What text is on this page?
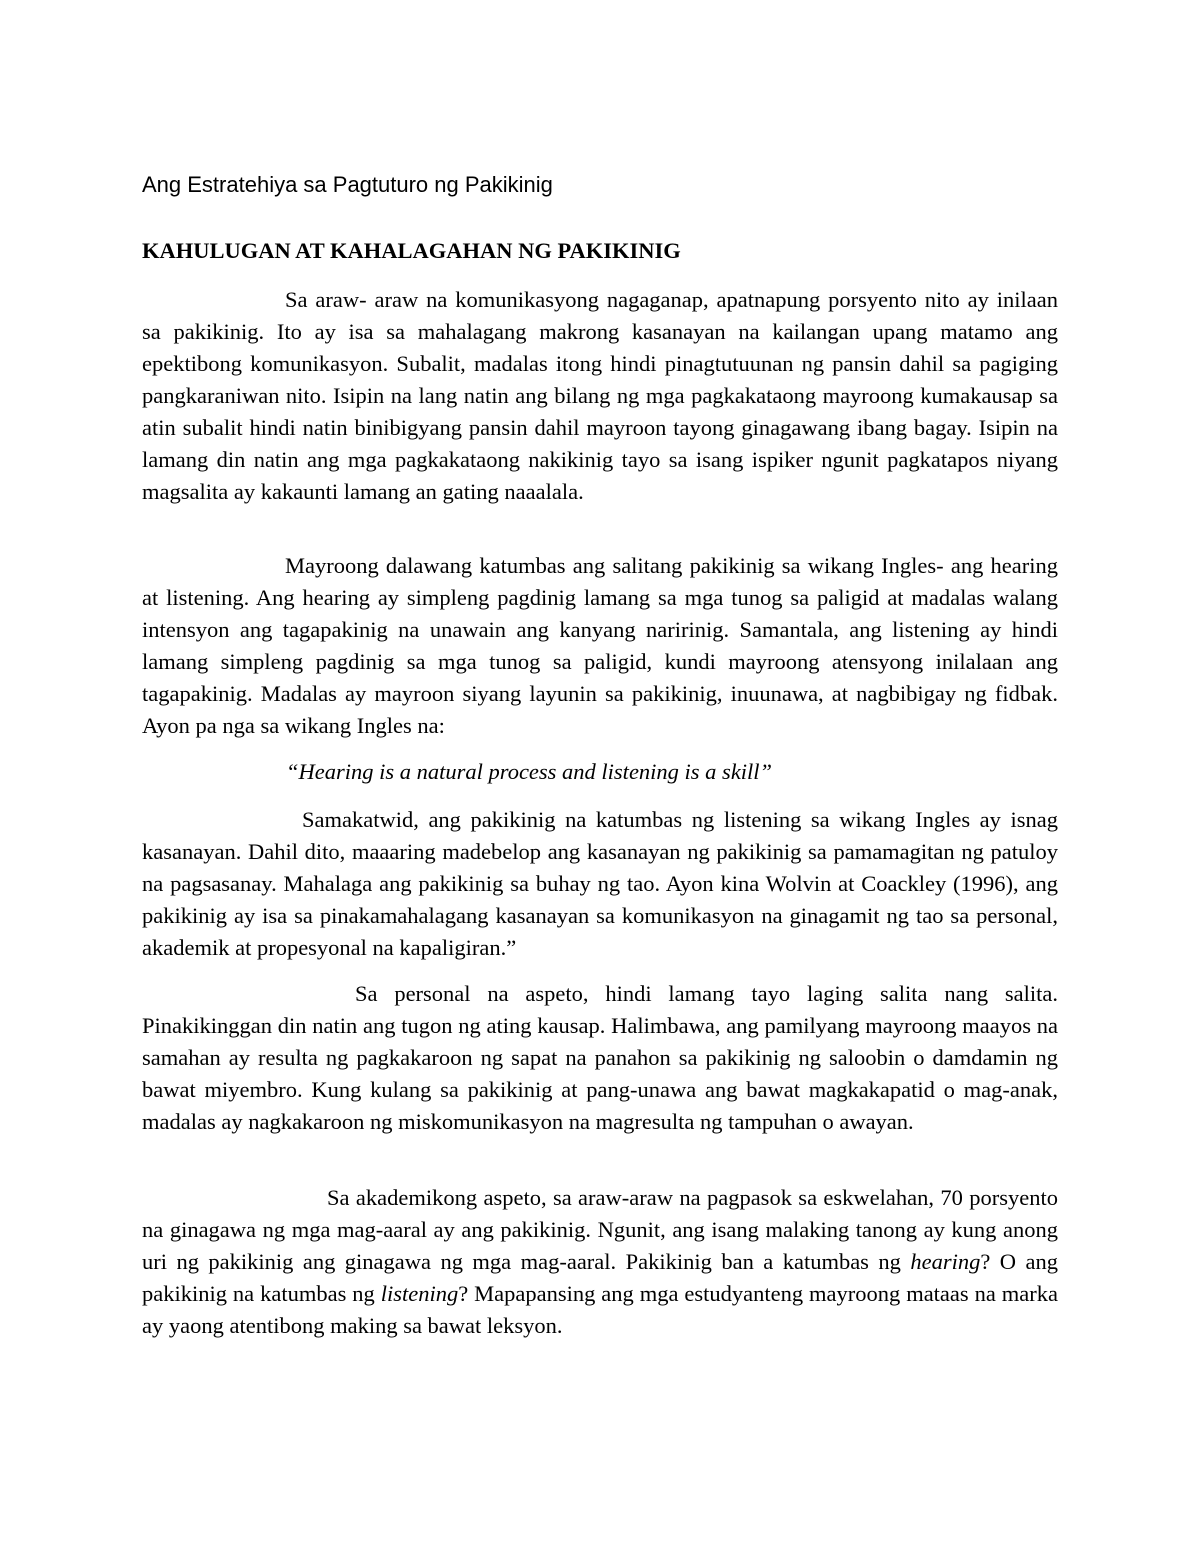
Ang Estratehiya sa Pagtuturo ng Pakikinig
KAHULUGAN AT KAHALAGAHAN NG PAKIKINIG

Sa araw- araw na komunikasyong nagaganap, apatnapung porsyento nito ay inilaan sa pakikinig. Ito ay isa sa mahalagang makrong kasanayan na kailangan upang matamo ang epektibong komunikasyon. Subalit, madalas itong hindi pinagtutuunan ng pansin dahil sa pagiging pangkaraniwan nito. Isipin na lang natin ang bilang ng mga pagkakataong mayroong kumakausap sa atin subalit hindi natin binibigyang pansin dahil mayroon tayong ginagawang ibang bagay. Isipin na lamang din natin ang mga pagkakataong nakikinig tayo sa isang ispiker ngunit pagkatapos niyang magsalita ay kakaunti lamang an gating naaalala.

Mayroong dalawang katumbas ang salitang pakikinig sa wikang Ingles- ang hearing at listening. Ang hearing ay simpleng pagdinig lamang sa mga tunog sa paligid at madalas walang intensyon ang tagapakinig na unawain ang kanyang naririnig. Samantala, ang listening ay hindi lamang simpleng pagdinig sa mga tunog sa paligid, kundi mayroong atensyong inilalaan ang tagapakinig. Madalas ay mayroon siyang layunin sa pakikinig, inuunawa, at nagbibigay ng fidbak. Ayon pa nga sa wikang Ingles na:

“Hearing is a natural process and listening is a skill”

Samakatwid, ang pakikinig na katumbas ng listening sa wikang Ingles ay isnag kasanayan. Dahil dito, maaaring madebelop ang kasanayan ng pakikinig sa pamamagitan ng patuloy na pagsasanay. Mahalaga ang pakikinig sa buhay ng tao. Ayon kina Wolvin at Coackley (1996), ang pakikinig ay isa sa pinakamahalagang kasanayan sa komunikasyon na ginagamit ng tao sa personal, akademik at propesyonal na kapaligiran.”

Sa personal na aspeto, hindi lamang tayo laging salita nang salita. Pinakikinggan din natin ang tugon ng ating kausap. Halimbawa, ang pamilyang mayroong maayos na samahan ay resulta ng pagkakaroon ng sapat na panahon sa pakikinig ng saloobin o damdamin ng bawat miyembro. Kung kulang sa pakikinig at pang-unawa ang bawat magkakapatid o mag-anak, madalas ay nagkakaroon ng miskomunikasyon na magresulta ng tampuhan o awayan.

Sa akademikong aspeto, sa araw-araw na pagpasok sa eskwelahan, 70 porsyento na ginagawa ng mga mag-aaral ay ang pakikinig. Ngunit, ang isang malaking tanong ay kung anong uri ng pakikinig ang ginagawa ng mga mag-aaral. Pakikinig ban a katumbas ng hearing? O ang pakikinig na katumbas ng listening? Mapapansing ang mga estudyanteng mayroong mataas na marka ay yaong atentibong making sa bawat leksyon.
